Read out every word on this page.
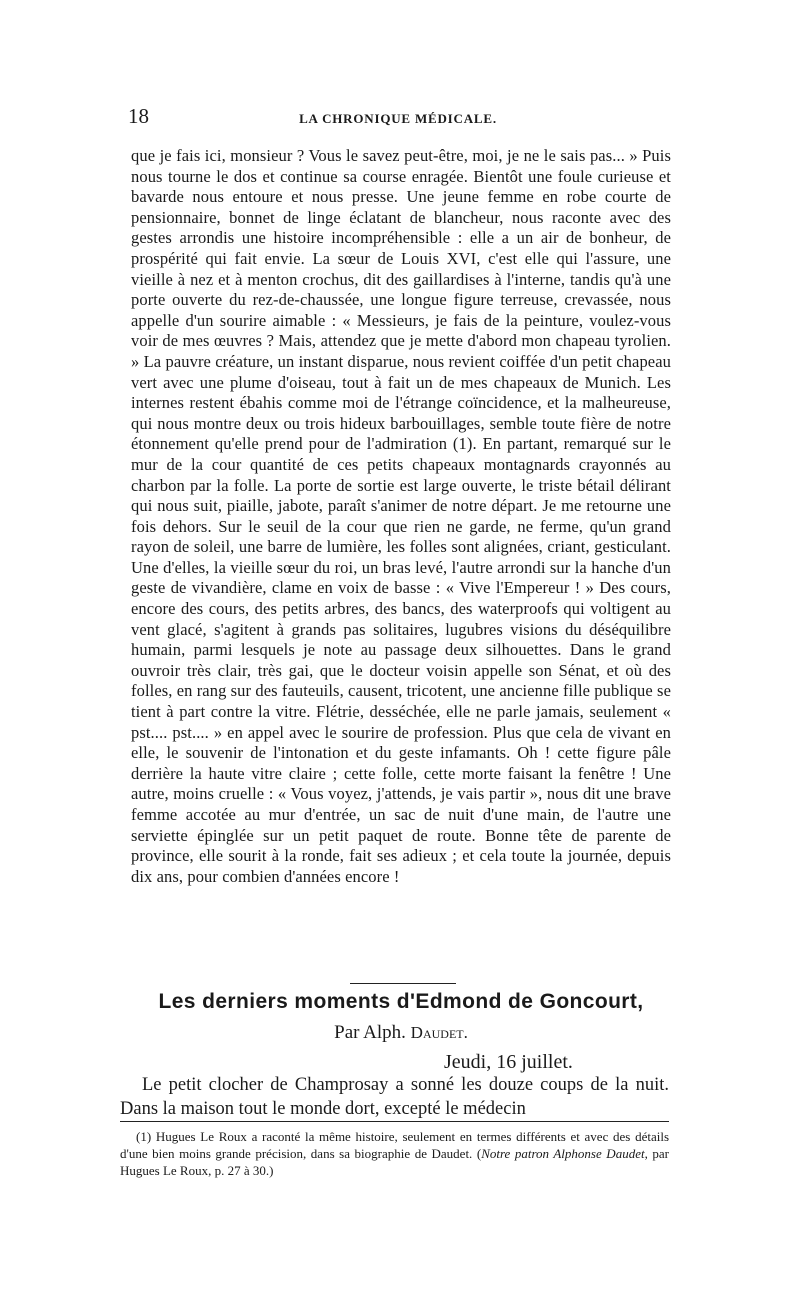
18	LA CHRONIQUE MÉDICALE.

que je fais ici, monsieur ? Vous le savez peut-être, moi, je ne le sais pas... » Puis nous tourne le dos et continue sa course enragée. Bientôt une foule curieuse et bavarde nous entoure et nous presse. Une jeune femme en robe courte de pensionnaire, bonnet de linge éclatant de blancheur, nous raconte avec des gestes arrondis une histoire incompréhensible : elle a un air de bonheur, de prospérité qui fait envie. La sœur de Louis XVI, c'est elle qui l'assure, une vieille à nez et à menton crochus, dit des gaillardises à l'interne, tandis qu'à une porte ouverte du rez-de-chaussée, une longue figure terreuse, crevassée, nous appelle d'un sourire aimable : « Messieurs, je fais de la peinture, voulez-vous voir de mes œuvres ? Mais, attendez que je mette d'abord mon chapeau tyrolien. » La pauvre créature, un instant disparue, nous revient coiffée d'un petit chapeau vert avec une plume d'oiseau, tout à fait un de mes chapeaux de Munich. Les internes restent ébahis comme moi de l'étrange coïncidence, et la malheureuse, qui nous montre deux ou trois hideux barbouillages, semble toute fière de notre étonnement qu'elle prend pour de l'admiration (1). En partant, remarqué sur le mur de la cour quantité de ces petits chapeaux montagnards crayonnés au charbon par la folle. La porte de sortie est large ouverte, le triste bétail délirant qui nous suit, piaille, jabote, paraît s'animer de notre départ. Je me retourne une fois dehors. Sur le seuil de la cour que rien ne garde, ne ferme, qu'un grand rayon de soleil, une barre de lumière, les folles sont alignées, criant, gesticulant. Une d'elles, la vieille sœur du roi, un bras levé, l'autre arrondi sur la hanche d'un geste de vivandière, clame en voix de basse : « Vive l'Empereur ! » Des cours, encore des cours, des petits arbres, des bancs, des waterproofs qui voltigent au vent glacé, s'agitent à grands pas solitaires, lugubres visions du déséquilibre humain, parmi lesquels je note au passage deux silhouettes. Dans le grand ouvroir très clair, très gai, que le docteur voisin appelle son Sénat, et où des folles, en rang sur des fauteuils, causent, tricotent, une ancienne fille publique se tient à part contre la vitre. Flétrie, desséchée, elle ne parle jamais, seulement « pst.... pst.... » en appel avec le sourire de profession. Plus que cela de vivant en elle, le souvenir de l'intonation et du geste infamants. Oh ! cette figure pâle derrière la haute vitre claire ; cette folle, cette morte faisant la fenêtre ! Une autre, moins cruelle : « Vous voyez, j'attends, je vais partir », nous dit une brave femme accotée au mur d'entrée, un sac de nuit d'une main, de l'autre une serviette épinglée sur un petit paquet de route. Bonne tête de parente de province, elle sourit à la ronde, fait ses adieux ; et cela toute la journée, depuis dix ans, pour combien d'années encore !

Les derniers moments d'Edmond de Goncourt,
Par Alph. Daudet.
Jeudi, 16 juillet.

Le petit clocher de Champrosay a sonné les douze coups de la nuit. Dans la maison tout le monde dort, excepté le médecin

(1) Hugues Le Roux a raconté la même histoire, seulement en termes différents et avec des détails d'une bien moins grande précision, dans sa biographie de Daudet. (Notre patron Alphonse Daudet, par Hugues Le Roux, p. 27 à 30.)
